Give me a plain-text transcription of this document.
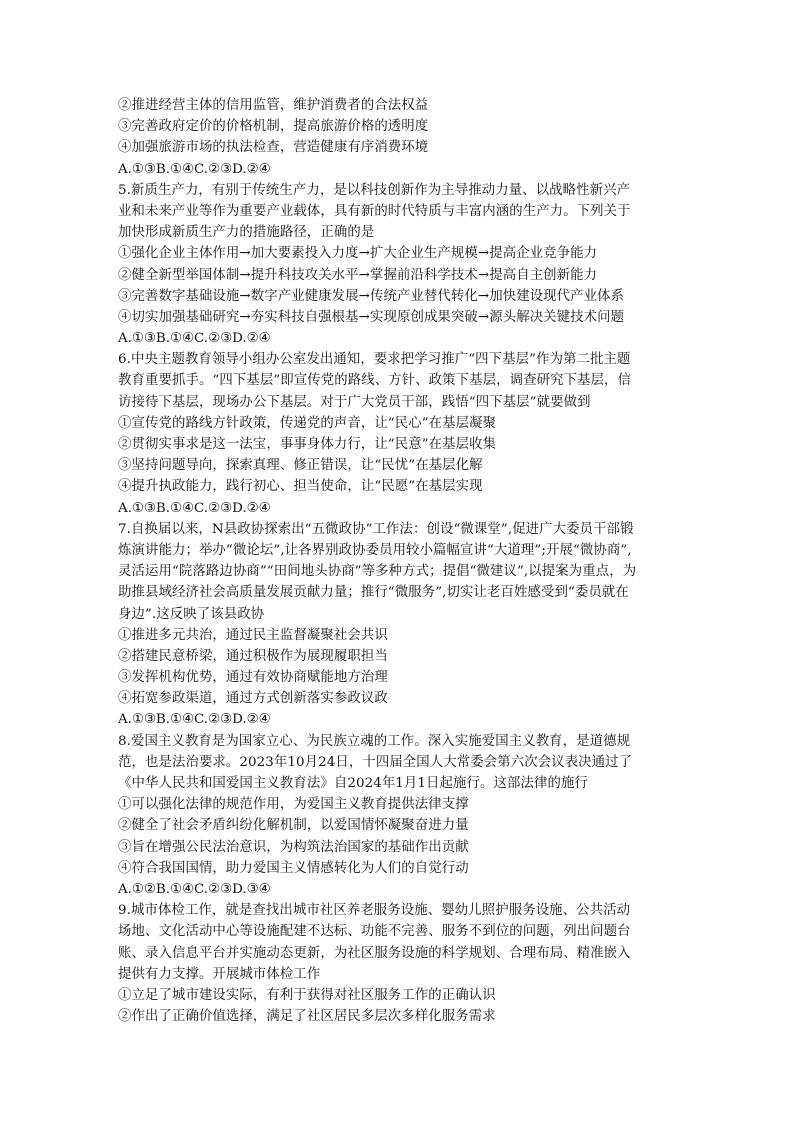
②推进经营主体的信用监管，维护消费者的合法权益
③完善政府定价的价格机制，提高旅游价格的透明度
④加强旅游市场的执法检查，营造健康有序消费环境
A.①③B.①④C.②③D.②④
5.新质生产力，有别于传统生产力，是以科技创新作为主导推动力量、以战略性新兴产
业和未来产业等作为重要产业载体，具有新的时代特质与丰富内涵的生产力。下列关于
加快形成新质生产力的措施路径，正确的是
①强化企业主体作用→加大要素投入力度→扩大企业生产规模→提高企业竞争能力
②健全新型举国体制→提升科技攻关水平→掌握前沿科学技术→提高自主创新能力
③完善数字基础设施→数字产业健康发展→传统产业替代转化→加快建设现代产业体系
④切实加强基础研究→夯实科技自强根基→实现原创成果突破→源头解决关键技术问题
A.①③B.①④C.②③D.②④
6.中央主题教育领导小组办公室发出通知，要求把学习推广“四下基层”作为第二批主题
教育重要抓手。“四下基层”即宣传党的路线、方针、政策下基层，调查研究下基层，信
访接待下基层，现场办公下基层。对于广大党员干部，践悟“四下基层”就要做到
①宣传党的路线方针政策，传递党的声音，让“民心”在基层凝聚
②贯彻实事求是这一法宝，事事身体力行，让“民意”在基层收集
③坚持问题导向，探索真理、修正错误，让“民忧”在基层化解
④提升执政能力，践行初心、担当使命，让“民愿”在基层实现
A.①③B.①④C.②③D.②④
7.自换届以来，N县政协探索出“五微政协”工作法：创设“微课堂”,促进广大委员干部锻
炼演讲能力；举办“微论坛”,让各界别政协委员用较小篇幅宣讲“大道理”;开展“微协商”,
灵活运用“院落路边协商”“田间地头协商”等多种方式；提倡“微建议”,以提案为重点，为
助推县域经济社会高质量发展贡献力量；推行“微服务”,切实让老百姓感受到“委员就在
身边”.这反映了该县政协
①推进多元共治，通过民主监督凝聚社会共识
②搭建民意桥梁，通过积极作为展现履职担当
③发挥机构优势，通过有效协商赋能地方治理
④拓宽参政渠道，通过方式创新落实参政议政
A.①③B.①④C.②③D.②④
8.爱国主义教育是为国家立心、为民族立魂的工作。深入实施爱国主义教育，是道德规
范，也是法治要求。2023年10月24日，十四届全国人大常委会第六次会议表决通过了
《中华人民共和国爱国主义教育法》自2024年1月1日起施行。这部法律的施行
①可以强化法律的规范作用，为爱国主义教育提供法律支撑
②健全了社会矛盾纠纷化解机制，以爱国情怀凝聚奋进力量
③旨在增强公民法治意识，为构筑法治国家的基础作出贡献
④符合我国国情，助力爱国主义情感转化为人们的自觉行动
A.①②B.①④C.②③D.③④
9.城市体检工作，就是查找出城市社区养老服务设施、婴幼儿照护服务设施、公共活动
场地、文化活动中心等设施配建不达标、功能不完善、服务不到位的问题，列出问题台
账、录入信息平台并实施动态更新，为社区服务设施的科学规划、合理布局、精准嵌入
提供有力支撑。开展城市体检工作
①立足了城市建设实际，有利于获得对社区服务工作的正确认识
②作出了正确价值选择，满足了社区居民多层次多样化服务需求
